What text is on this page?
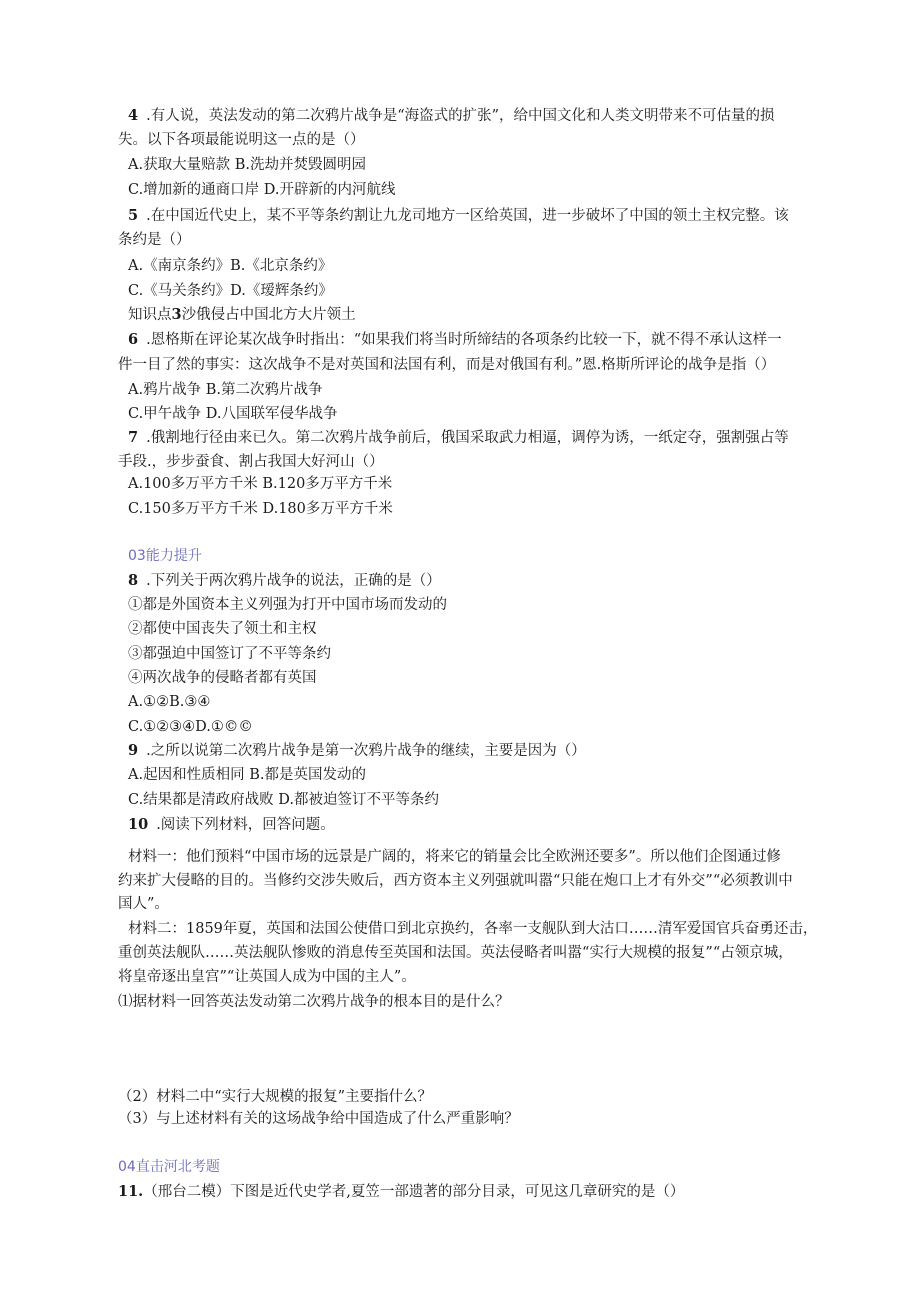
4 .有人说，英法发动的第二次鸦片战争是“海盗式的扩张”，给中国文化和人类文明带来不可估量的损
失。以下各项最能说明这一点的是（）
A.获取大量赔款 B.洗劫并焚毁圆明园
C.增加新的通商口岸 D.开辟新的内河航线
5 .在中国近代史上，某不平等条约割让九龙司地方一区给英国，进一步破坏了中国的领土主权完整。该
条约是（）
A.《南京条约》B.《北京条约》
C.《马关条约》D.《瑷辉条约》
知识点3沙俄侵占中国北方大片领土
6 .恩格斯在评论某次战争时指出：“如果我们将当时所缔结的各项条约比较一下，就不得不承认这样一
件一目了然的事实：这次战争不是对英国和法国有利，而是对俄国有利。”恩.格斯所评论的战争是指（）
A.鸦片战争 B.第二次鸦片战争
C.甲午战争 D.八国联军侵华战争
7 .俄割地行径由来已久。第二次鸦片战争前后，俄国采取武力相逼，调停为诱，一纸定夺，强割强占等
手段.，步步蚕食、割占我国大好河山（）
A.100多万平方千米 B.120多万平方千米
C.150多万平方千米 D.180多万平方千米
03能力提升
8 .下列关于两次鸦片战争的说法，正确的是（）
①都是外国资本主义列强为打开中国市场而发动的
②都使中国丧失了领土和主权
③都强迫中国签订了不平等条约
④两次战争的侵略者都有英国
A.①②B.③④
C.①②③④D.①©©
9 .之所以说第二次鸦片战争是第一次鸦片战争的继续，主要是因为（）
A.起因和性质相同 B.都是英国发动的
C.结果都是清政府战败 D.都被迫签订不平等条约
10 .阅读下列材料，回答问题。
材料一：他们预料“中国市场的远景是广阔的，将来它的销量会比全欧洲还要多”。所以他们企图通过修
约来扩大侵略的目的。当修约交涉失败后，西方资本主义列强就叫嚣“只能在炮口上才有外交”“必须教训中
国人”。
材料二：1859年夏，英国和法国公使借口到北京换约，各率一支舰队到大沽口……清军爱国官兵奋勇还击，
重创英法舰队……英法舰队惨败的消息传至英国和法国。英法侵略者叫嚣“实行大规模的报复”“占领京城，
将皇帝逐出皇宫”“让英国人成为中国的主人”。
⑴据材料一回答英法发动第二次鸦片战争的根本目的是什么？
（2）材料二中“实行大规模的报复”主要指什么？
（3）与上述材料有关的这场战争给中国造成了什么严重影响？
04直击河北考题
11.（邢台二模）下图是近代史学者,夏笠一部遗著的部分目录，可见这几章研究的是（）
